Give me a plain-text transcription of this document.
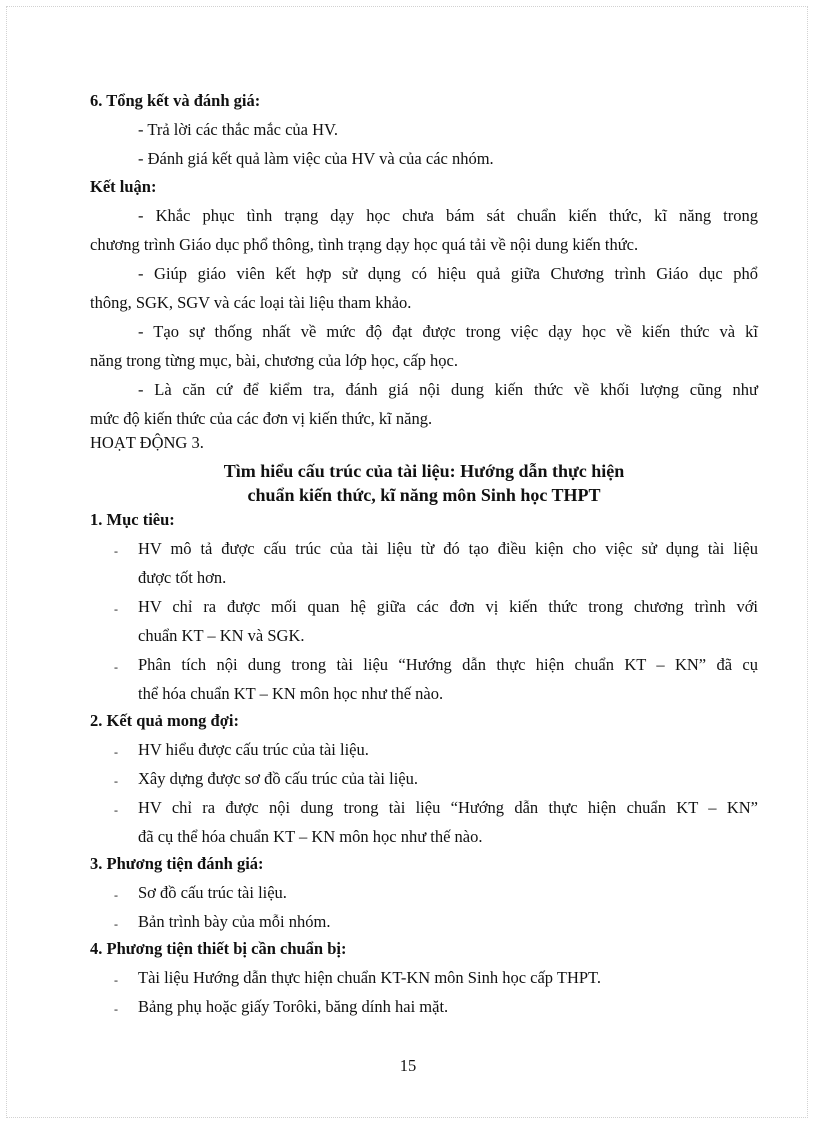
6. Tổng kết và đánh giá:
- Trả lời các thắc mắc của HV.
- Đánh giá kết quả làm việc của HV và của các nhóm.
Kết luận:
- Khắc phục tình trạng dạy học chưa bám sát chuẩn kiến thức, kĩ năng trong
chương trình Giáo dục phổ thông, tình trạng dạy học quá tải về nội dung kiến thức.
- Giúp giáo viên kết hợp sử dụng có hiệu quả giữa Chương trình Giáo dục phổ
thông, SGK, SGV và các loại tài liệu tham khảo.
- Tạo sự thống nhất về mức độ đạt được trong việc dạy học về kiến thức và kĩ
năng trong từng mục, bài, chương của lớp học, cấp học.
- Là căn cứ để kiểm tra, đánh giá nội dung kiến thức về khối lượng cũng như
mức độ kiến thức của các đơn vị kiến thức, kĩ năng.
HOẠT ĐỘNG 3.
Tìm hiểu cấu trúc của tài liệu: Hướng dẫn thực hiện
chuẩn kiến thức, kĩ năng môn Sinh học THPT
1. Mục tiêu:
‐ HV mô tả được cấu trúc của tài liệu từ đó tạo điều kiện cho việc sử dụng tài liệu
được tốt hơn.
‐ HV chỉ ra được mối quan hệ giữa các đơn vị kiến thức trong chương trình với
chuẩn KT – KN và SGK.
‐ Phân tích nội dung trong tài liệu “Hướng dẫn thực hiện chuẩn KT – KN” đã cụ
thể hóa chuẩn KT – KN môn học như thế nào.
2. Kết quả mong đợi:
‐ HV hiểu được cấu trúc của tài liệu.
‐ Xây dựng được sơ đồ cấu trúc của tài liệu.
‐ HV chỉ ra được nội dung trong tài liệu “Hướng dẫn thực hiện chuẩn KT – KN”
đã cụ thể hóa chuẩn KT – KN môn học như thế nào.
3. Phương tiện đánh giá:
‐ Sơ đồ cấu trúc tài liệu.
‐ Bản trình bày của mỗi nhóm.
4. Phương tiện thiết bị cần chuẩn bị:
‐ Tài liệu Hướng dẫn thực hiện chuẩn KT-KN môn Sinh học cấp THPT.
‐ Bảng phụ hoặc giấy Torôki, băng dính hai mặt.
15
